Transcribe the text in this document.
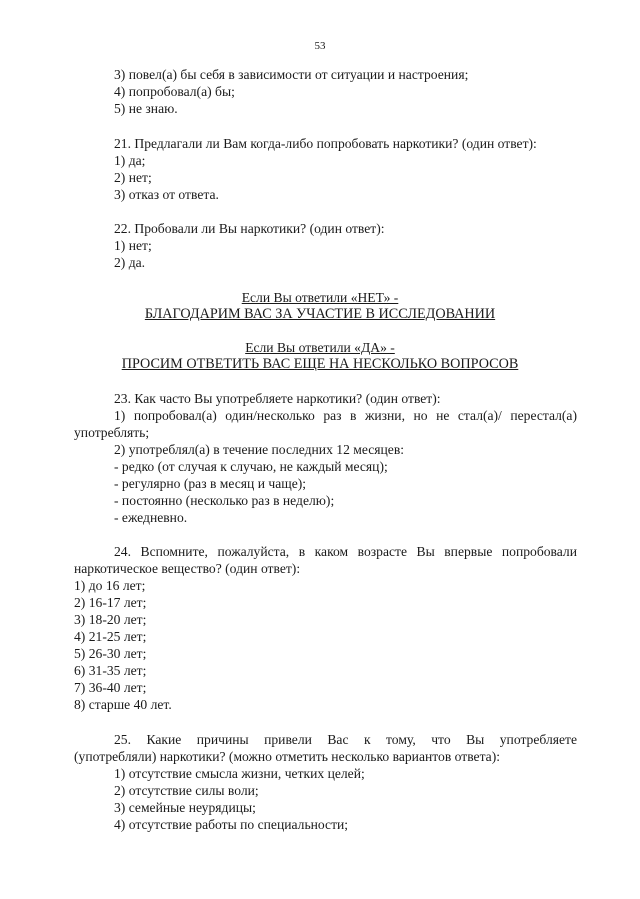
53
3) повел(а) бы себя в зависимости от ситуации и настроения;
4) попробовал(а) бы;
5) не знаю.
21. Предлагали ли Вам когда-либо попробовать наркотики? (один ответ):
1) да;
2) нет;
3) отказ от ответа.
22. Пробовали ли Вы наркотики? (один ответ):
1) нет;
2) да.
Если Вы ответили «НЕТ» -
БЛАГОДАРИМ ВАС ЗА УЧАСТИЕ В ИССЛЕДОВАНИИ
Если Вы ответили «ДА» -
ПРОСИМ ОТВЕТИТЬ ВАС ЕЩЕ НА НЕСКОЛЬКО ВОПРОСОВ
23. Как часто Вы употребляете наркотики? (один ответ):
1) попробовал(а) один/несколько раз в жизни, но не стал(а)/ перестал(а)
употреблять;
2) употреблял(а) в течение последних 12 месяцев:
- редко (от случая к случаю, не каждый месяц);
- регулярно (раз в месяц и чаще);
- постоянно (несколько раз в неделю);
- ежедневно.
24. Вспомните, пожалуйста, в каком возрасте Вы впервые попробовали
наркотическое вещество? (один ответ):
1) до 16 лет;
2) 16-17 лет;
3) 18-20 лет;
4) 21-25 лет;
5) 26-30 лет;
6) 31-35 лет;
7) 36-40 лет;
8) старше 40 лет.
25. Какие причины привели Вас к тому, что Вы употребляете
(употребляли) наркотики? (можно отметить несколько вариантов ответа):
1) отсутствие смысла жизни, четких целей;
2) отсутствие силы воли;
3) семейные неурядицы;
4) отсутствие работы по специальности;
